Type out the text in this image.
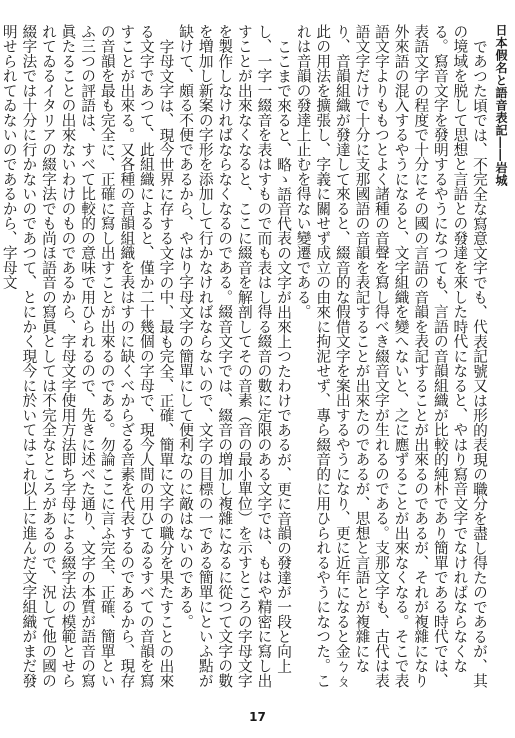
日本假名と語音表記――岩城

であつた頃では、不完全な寫意文字でも、代表記號又は形的表現の職分を盡し得たのであるが、其の境域を脱して思想と言語との發達を來した時代になると、やはり寫音文字でなければならなくなる。寫音文字を發明するやうになつても、言語の音韻組織が比較的純朴であり簡單である時代では、表語文字の程度で十分にその國の言語の音韻を表記することが出來るのであるが、それが複雜になり外來語の混入するやうになると、文字組織を變へないと、之に應ずることが出來なくなる。そこで表語文字よりももつとよく諸種の音聲を寫し得べき綴音文字が生れるのである。支那文字も、古代は表語文字だけで十分に支那國語の音韻を表記することが出來たのであるが、思想と言語とが複雜になり、音韻組織が發達して來ると、綴音的な假借文字を案出するやうになり、更に近年になると金ㄅㄆ此の用法を擴張し、字義に關せず成立の由來に拘泥せず、專ら綴音的に用ひられるやうになつた。これは音韻の發達上止むを得ない變遷である。

ここまで來ると、略ゝ語音代表の文字が出來上つたわけであるが、更に音韻の發達が一段と向上し、一字一綴音を表はすもので而も表はし得る綴音の數に定限のある文字では、もはや精密に寫し出すことが出來なくなると、ここに綴音を解剖してその音素（音の最小單位）を示すところの字母文字を製作しなければならなくなるのである。綴音文字では、綴音の増加し複雜になるに從つて文字の數を増加し新案の字形を添加して行かなければならないので、文字の目標の一である簡單にといふ點が缺けて、頗る不便であるから、やはり字母文字の簡單にして便利なのに敵はないのである。

字母文字は、現今世界に存する文字の中、最も完全、正確、簡單に文字の職分を果たすことの出來る文字であつて、此組織によると、僅か二十幾個の字母で、現今人間の用ひてゐるすべての音韻を寫すことが出來る。又各種の音韻組織を表はすのに缺くべからざる音素を代表するのであるから、現存の音韻を最も完全に、正確に寫し出すことが出來るのである。勿論ここに言ふ完全、正確、簡單といふ三つの評語は、すべて比較的の意味で用ひられるので、先きに述べた通り、文字の本質が語音の寫眞たることの出來ないわけのものであるから、字母文字使用方法即ち字母による綴字法の模範とせられてゐるイタリアの綴字法でも尚ほ語音の寫眞としては不完全なところがあるので、況して他の國の綴字法では十分に行かないのであつて、とにかく現今に於いてはこれ以上に進んだ文字組織がまだ發明せられてゐないのであるから、字母文

17
